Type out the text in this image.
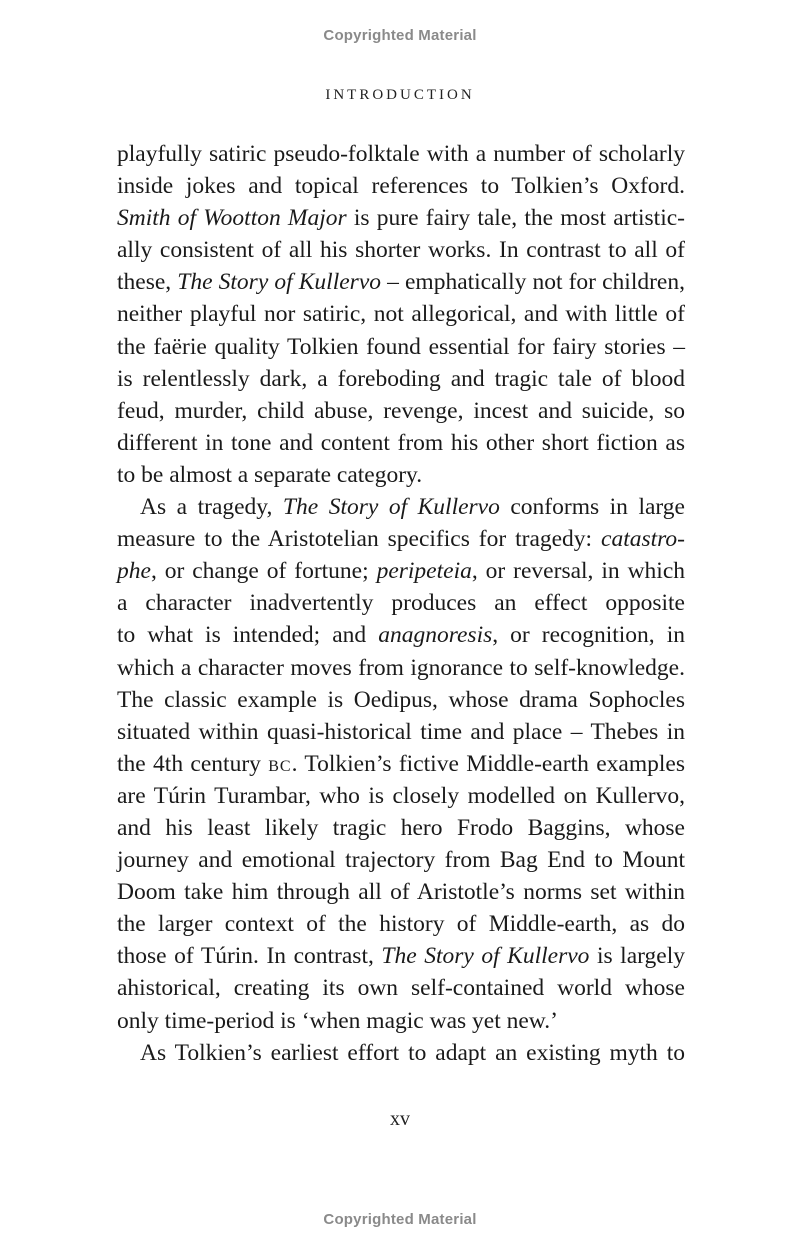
Copyrighted Material
INTRODUCTION
playfully satiric pseudo-folktale with a number of scholarly
inside jokes and topical references to Tolkien’s Oxford.
Smith of Wootton Major is pure fairy tale, the most artistic-
ally consistent of all his shorter works. In contrast to all of
these, The Story of Kullervo – emphatically not for children,
neither playful nor satiric, not allegorical, and with little of
the faërie quality Tolkien found essential for fairy stories –
is relentlessly dark, a foreboding and tragic tale of blood
feud, murder, child abuse, revenge, incest and suicide, so
different in tone and content from his other short fiction as
to be almost a separate category.
As a tragedy, The Story of Kullervo conforms in large
measure to the Aristotelian specifics for tragedy: catastro-
phe, or change of fortune; peripeteia, or reversal, in which
a character inadvertently produces an effect opposite
to what is intended; and anagnoresis, or recognition, in
which a character moves from ignorance to self-knowledge.
The classic example is Oedipus, whose drama Sophocles
situated within quasi-historical time and place – Thebes in
the 4th century bc. Tolkien’s fictive Middle-earth examples
are Túrin Turambar, who is closely modelled on Kullervo,
and his least likely tragic hero Frodo Baggins, whose
journey and emotional trajectory from Bag End to Mount
Doom take him through all of Aristotle’s norms set within
the larger context of the history of Middle-earth, as do
those of Túrin. In contrast, The Story of Kullervo is largely
ahistorical, creating its own self-contained world whose
only time-period is ‘when magic was yet new.’
As Tolkien’s earliest effort to adapt an existing myth to
xv
Copyrighted Material
